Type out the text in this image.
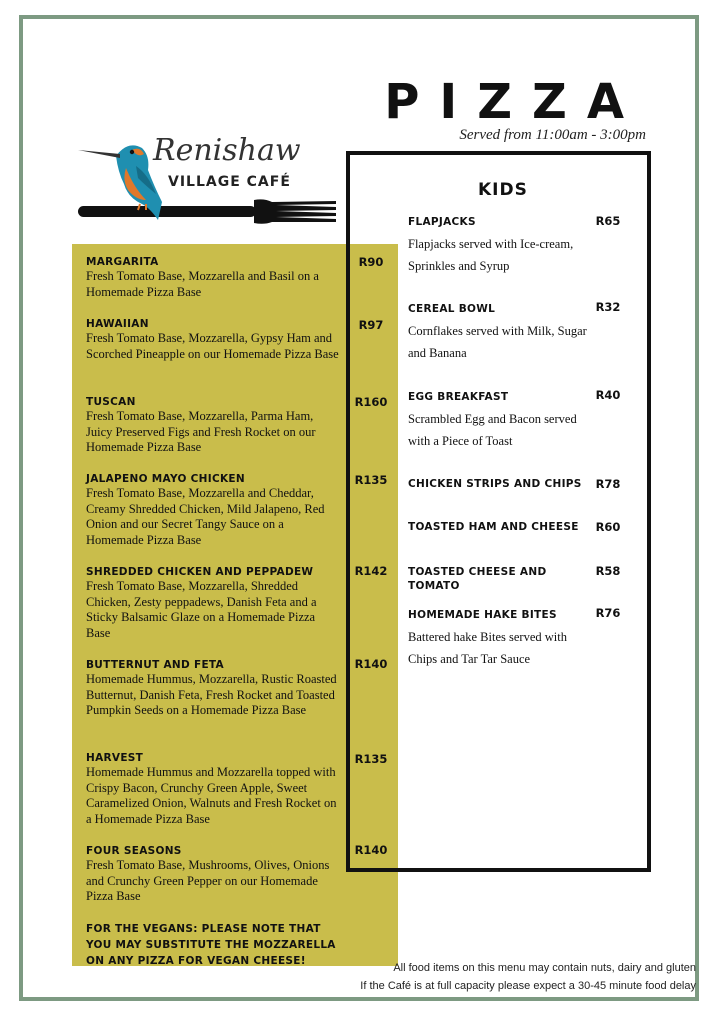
PIZZA
Served from 11:00am - 3:00pm
Renishaw
VILLAGE CAFÉ
MARGARITA
Fresh Tomato Base, Mozzarella and Basil on a Homemade Pizza Base
R90
HAWAIIAN
Fresh Tomato Base, Mozzarella, Gypsy Ham and Scorched Pineapple on our Homemade Pizza Base
R97
TUSCAN
Fresh Tomato Base, Mozzarella, Parma Ham, Juicy Preserved Figs and Fresh Rocket on our Homemade Pizza Base
R160
JALAPENO MAYO CHICKEN
Fresh Tomato Base, Mozzarella and Cheddar, Creamy Shredded Chicken, Mild Jalapeno, Red Onion and our Secret Tangy Sauce on a Homemade Pizza Base
R135
SHREDDED CHICKEN AND PEPPADEW
Fresh Tomato Base, Mozzarella, Shredded Chicken, Zesty peppadews, Danish Feta and a Sticky Balsamic Glaze on a Homemade Pizza Base
R142
BUTTERNUT AND FETA
Homemade Hummus, Mozzarella, Rustic Roasted Butternut, Danish Feta, Fresh Rocket and Toasted Pumpkin Seeds on a Homemade Pizza Base
R140
HARVEST
Homemade Hummus and Mozzarella topped with Crispy Bacon, Crunchy Green Apple, Sweet Caramelized Onion, Walnuts and Fresh Rocket on a Homemade Pizza Base
R135
FOUR SEASONS
Fresh Tomato Base, Mushrooms, Olives, Onions and Crunchy Green Pepper on our Homemade Pizza Base
R140
FOR THE VEGANS: PLEASE NOTE THAT YOU MAY SUBSTITUTE THE MOZZARELLA ON ANY PIZZA FOR VEGAN CHEESE!
KIDS
FLAPJACKS
Flapjacks served with Ice-cream, Sprinkles and Syrup
R65
CEREAL BOWL
Cornflakes served with Milk, Sugar and Banana
R32
EGG BREAKFAST
Scrambled Egg and Bacon served with a Piece of Toast
R40
CHICKEN STRIPS AND CHIPS	R78
TOASTED HAM AND CHEESE	R60
TOASTED CHEESE AND TOMATO
R58
HOMEMADE HAKE BITES
Battered hake Bites served with Chips and Tar Tar Sauce
R76
All food items on this menu may contain nuts, dairy and gluten
If the Café is at full capacity please expect a 30-45 minute food delay
